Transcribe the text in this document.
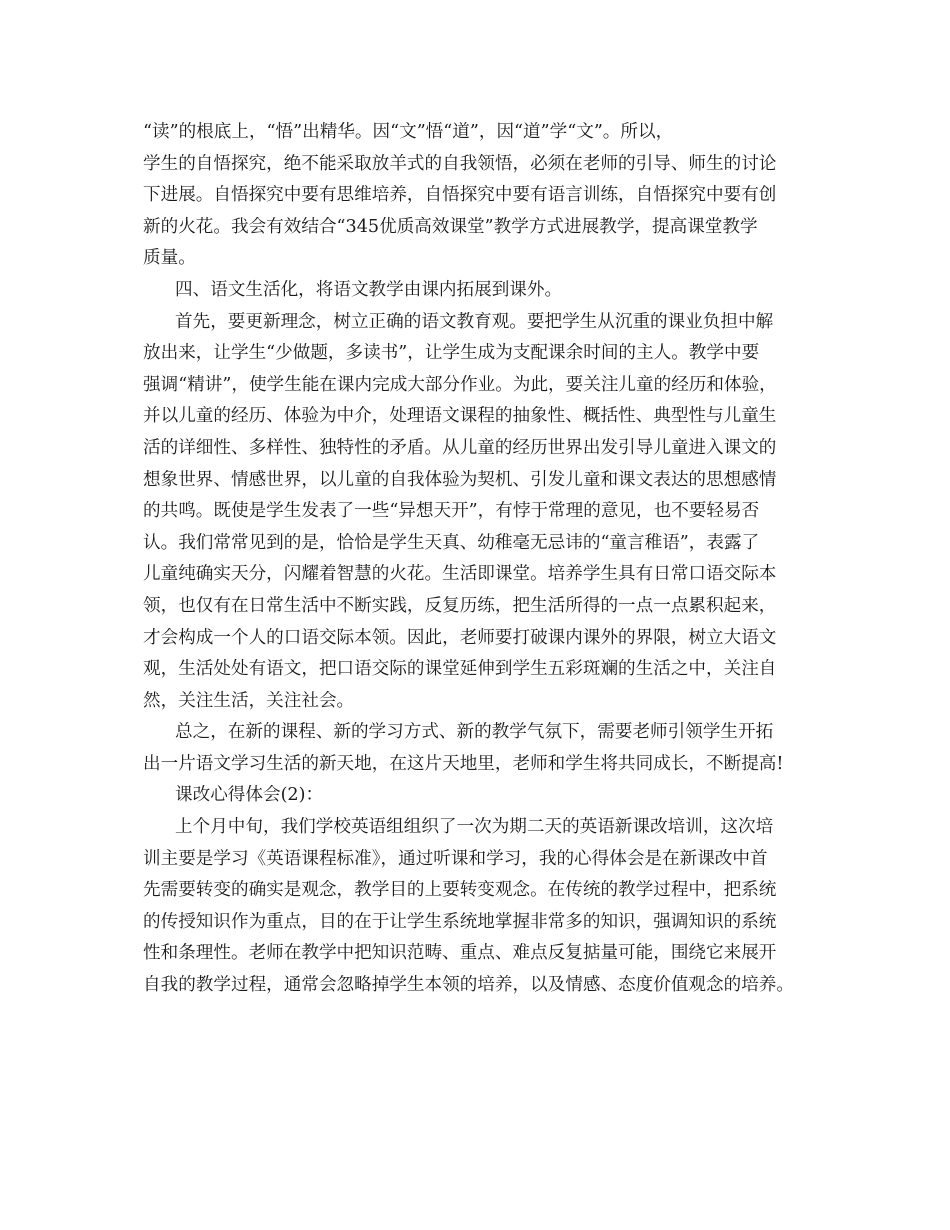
“读”的根底上，“悟”出精华。因“文”悟“道”，因“道”学“文”。所以，
学生的自悟探究，绝不能采取放羊式的自我领悟，必须在老师的引导、师生的讨论
下进展。自悟探究中要有思维培养，自悟探究中要有语言训练，自悟探究中要有创
新的火花。我会有效结合“345优质高效课堂”教学方式进展教学，提高课堂教学
质量。
四、语文生活化，将语文教学由课内拓展到课外。
首先，要更新理念，树立正确的语文教育观。要把学生从沉重的课业负担中解
放出来，让学生“少做题，多读书”，让学生成为支配课余时间的主人。教学中要
强调“精讲”，使学生能在课内完成大部分作业。为此，要关注儿童的经历和体验，
并以儿童的经历、体验为中介，处理语文课程的抽象性、概括性、典型性与儿童生
活的详细性、多样性、独特性的矛盾。从儿童的经历世界出发引导儿童进入课文的
想象世界、情感世界，以儿童的自我体验为契机、引发儿童和课文表达的思想感情
的共鸣。既使是学生发表了一些“异想天开”，有悖于常理的意见，也不要轻易否
认。我们常常见到的是，恰恰是学生天真、幼稚毫无忌讳的“童言稚语”，表露了
儿童纯确实天分，闪耀着智慧的火花。生活即课堂。培养学生具有日常口语交际本
领，也仅有在日常生活中不断实践，反复历练，把生活所得的一点一点累积起来，
才会构成一个人的口语交际本领。因此，老师要打破课内课外的界限，树立大语文
观，生活处处有语文，把口语交际的课堂延伸到学生五彩斑斓的生活之中，关注自
然，关注生活，关注社会。
总之，在新的课程、新的学习方式、新的教学气氛下，需要老师引领学生开拓
出一片语文学习生活的新天地，在这片天地里，老师和学生将共同成长，不断提高!
课改心得体会(2)：
上个月中旬，我们学校英语组组织了一次为期二天的英语新课改培训，这次培
训主要是学习《英语课程标准》，通过听课和学习，我的心得体会是在新课改中首
先需要转变的确实是观念，教学目的上要转变观念。在传统的教学过程中，把系统
的传授知识作为重点，目的在于让学生系统地掌握非常多的知识，强调知识的系统
性和条理性。老师在教学中把知识范畴、重点、难点反复掂量可能，围绕它来展开
自我的教学过程，通常会忽略掉学生本领的培养，以及情感、态度价值观念的培养。
